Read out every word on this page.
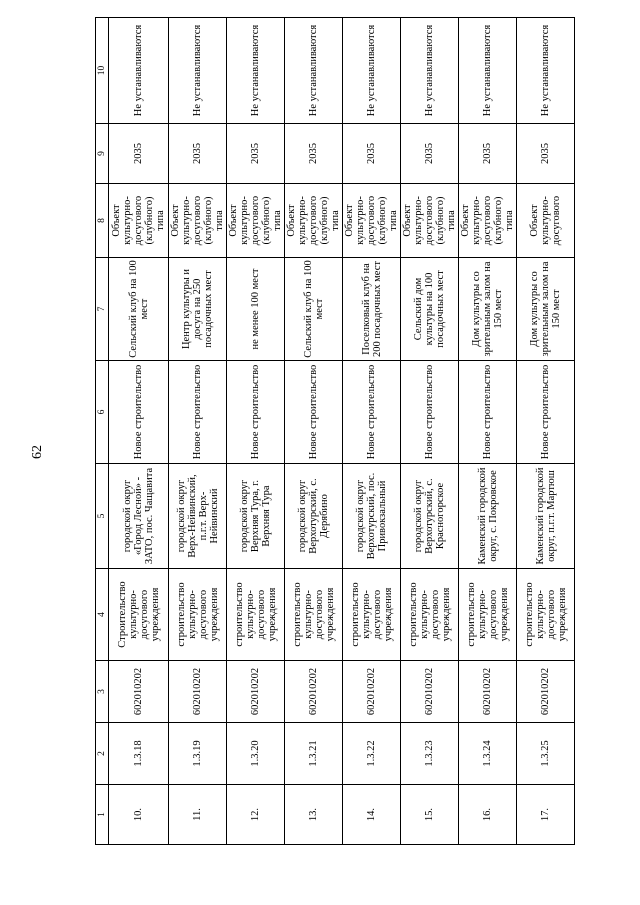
62
1	2	3	4	5	6	7	8	9	10
10.	1.3.18	602010202	Строительство культурно-досугового учреждения	городской округ «Город Лесной» - ЗАТО, пос. Чащавита	Новое строительство	Сельский клуб на 100 мест	Объект культурно-досугового (клубного) типа	2035	Не устанавливаются
11.	1.3.19	602010202	строительство культурно-досугового учреждения	городской округ Верх-Нейвинский, п.г.т. Верх-Нейвинский	Новое строительство	Центр культуры и досуга на 250 посадочных мест	Объект культурно-досугового (клубного) типа	2035	Не устанавливаются
12.	1.3.20	602010202	строительство культурно-досугового учреждения	городской округ Верхняя Тура, г. Верхняя Тура	Новое строительство	не менее 100 мест	Объект культурно-досугового (клубного) типа	2035	Не устанавливаются
13.	1.3.21	602010202	строительство культурно-досугового учреждения	городской округ Верхотурский, с. Дерябино	Новое строительство	Сельский клуб на 100 мест	Объект культурно-досугового (клубного) типа	2035	Не устанавливаются
14.	1.3.22	602010202	строительство культурно-досугового учреждения	городской округ Верхотурский, пос. Привокзальный	Новое строительство	Поселковый клуб на 200 посадочных мест	Объект культурно-досугового (клубного) типа	2035	Не устанавливаются
15.	1.3.23	602010202	строительство культурно-досугового учреждения	городской округ Верхотурский, с. Красногорское	Новое строительство	Сельский дом культуры на 100 посадочных мест	Объект культурно-досугового (клубного) типа	2035	Не устанавливаются
16.	1.3.24	602010202	строительство культурно-досугового учреждения	Каменский городской округ, с. Покровское	Новое строительство	Дом культуры со зрительным залом на 150 мест	Объект культурно-досугового (клубного) типа	2035	Не устанавливаются
17.	1.3.25	602010202	строительство культурно-досугового учреждения	Каменский городской округ, п.г.т. Мартюш	Новое строительство	Дом культуры со зрительным залом на 150 мест	Объект культурно-досугового	2035	Не устанавливаются
